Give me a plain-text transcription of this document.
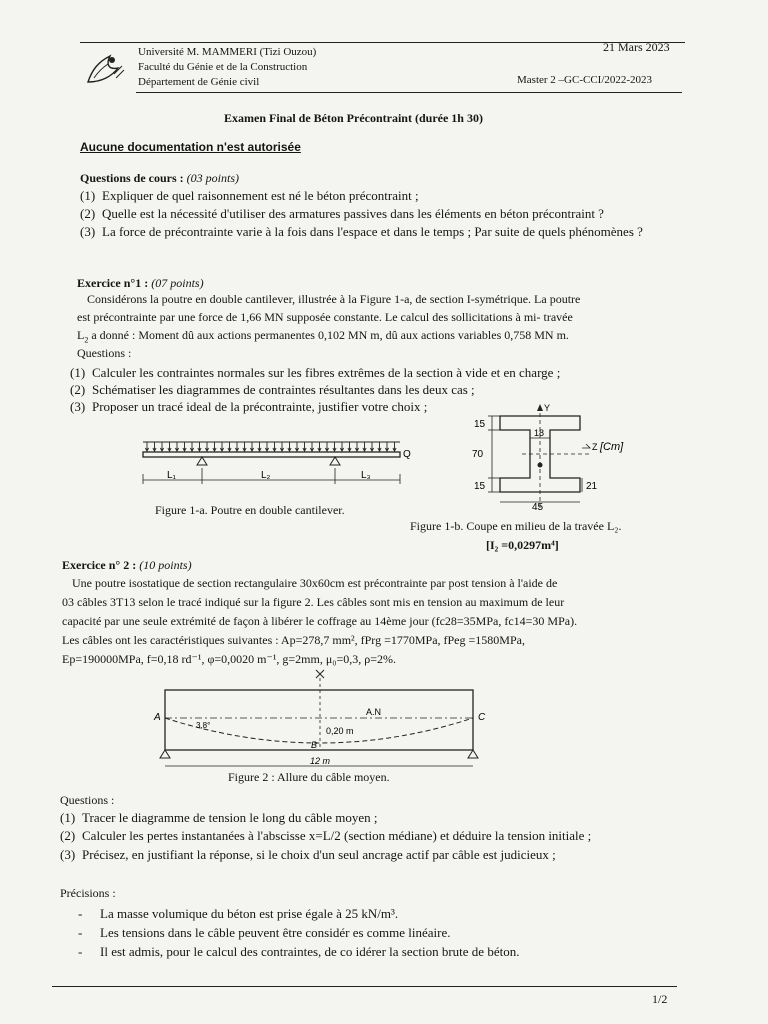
Université M. MAMMERI (Tizi Ouzou)
Faculté du Génie et de la Construction
Département de Génie civil
21 Mars 2023
Master 2 –GC-CCI/2022-2023
Examen Final de Béton Précontraint (durée 1h 30)
Aucune documentation n'est autorisée
Questions de cours : (03 points)
(1) Expliquer de quel raisonnement est né le béton précontraint ;
(2) Quelle est la nécessité d'utiliser des armatures passives dans les éléments en béton précontraint ?
(3) La force de précontrainte varie à la fois dans l'espace et dans le temps ; Par suite de quels phénomènes ?
Exercice n°1 : (07 points)
Considérons la poutre en double cantilever, illustrée à la Figure 1-a, de section I-symétrique. La poutre
est précontrainte par une force de 1,66 MN supposée constante. Le calcul des sollicitations à mi- travée
$L_2$ a donné : Moment dû aux actions permanentes 0,102 MN m, dû aux actions variables 0,758 MN m.
Questions :
(1) Calculer les contraintes normales sur les fibres extrêmes de la section à vide et en charge ;
(2) Schématiser les diagrammes de contraintes résultantes dans les deux cas ;
(3) Proposer un tracé ideal de la précontrainte, justifier votre choix ;
Q
L₁	L₂	L₃
Figure 1-a. Poutre en double cantilever.
Y
Z [Cm]
15
18
70
15	21
45
Figure 1-b. Coupe en milieu de la travée L₂.
[I₂ =0,0297m⁴]
Exercice n° 2 : (10 points)
Une poutre isostatique de section rectangulaire 30x60cm est précontrainte par post tension à l'aide de
03 câbles 3T13 selon le tracé indiqué sur la figure 2. Les câbles sont mis en tension au maximum de leur
capacité par une seule extrémité de façon à libérer le coffrage au 14ème jour (fc28=35MPa, fc14=30 MPa).
Les câbles ont les caractéristiques suivantes : Ap=278,7 mm², fPrg =1770MPa, fPeg =1580MPa,
Ep=190000MPa, f=0,18 rd⁻¹, φ=0,0020 m⁻¹, g=2mm, μ₀=0,3, ρ=2%.
A	C
B
A.N
3,8°
0,20 m
12 m
Figure 2 : Allure du câble moyen.
Questions :
(1) Tracer le diagramme de tension le long du câble moyen ;
(2) Calculer les pertes instantanées à l'abscisse x=L/2 (section médiane) et déduire la tension initiale ;
(3) Précisez, en justifiant la réponse, si le choix d'un seul ancrage actif par câble est judicieux ;
Précisions :
- La masse volumique du béton est prise égale à 25 kN/m³.
- Les tensions dans le câble peuvent être considér es comme linéaire.
- Il est admis, pour le calcul des contraintes, de co idérer la section brute de béton.
1/2
